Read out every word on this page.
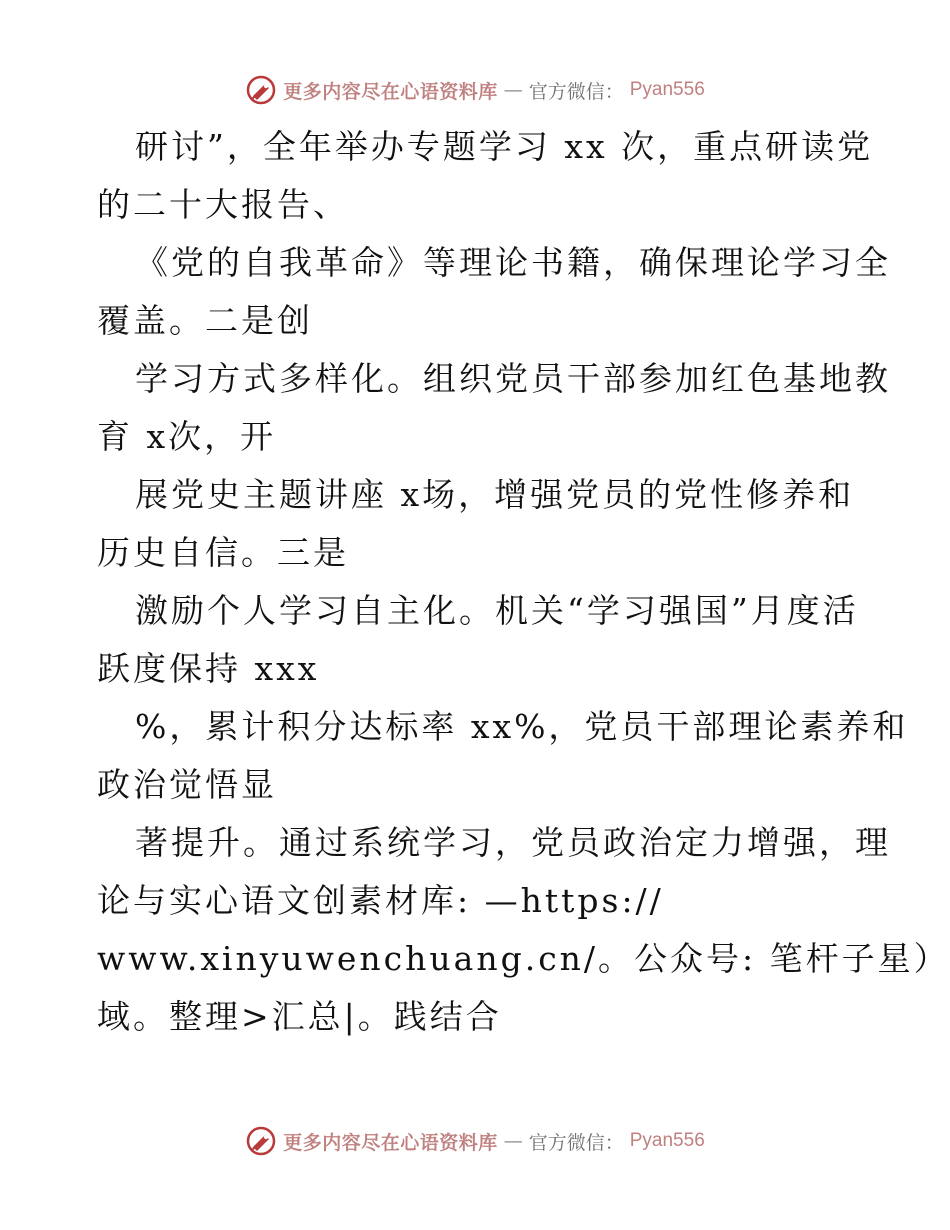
更多内容尽在心语资料库 — 官方微信： Pyan556
研讨”，全年举办专题学习 xx 次，重点研读党
的二十大报告、
《党的自我革命》等理论书籍，确保理论学习全
覆盖。二是创
学习方式多样化。组织党员干部参加红色基地教
育 x次，开
展党史主题讲座 x场，增强党员的党性修养和
历史自信。三是
激励个人学习自主化。机关“学习强国”月度活
跃度保持 xxx
%，累计积分达标率 xx%，党员干部理论素养和
政治觉悟显
著提升。通过系统学习，党员政治定力增强，理
论与实心语文创素材库: —https://
www.xinyuwenchuang.cn/。公众号: 笔杆子星）
域。整理>汇总|。践结合
更多内容尽在心语资料库 — 官方微信： Pyan556
